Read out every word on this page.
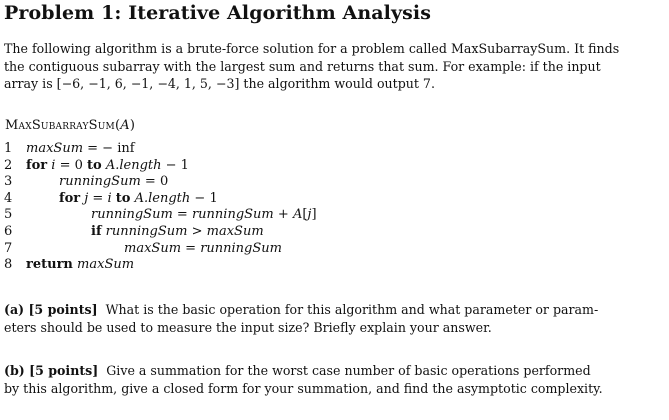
Problem 1: Iterative Algorithm Analysis
The following algorithm is a brute-force solution for a problem called MaxSubarraySum. It finds
the contiguous subarray with the largest sum and returns that sum. For example: if the input
array is [−6, −1, 6, −1, −4, 1, 5, −3] the algorithm would output 7.
MaxSubarraySum(A)
1	maxSum = − inf
2	for i = 0 to A.length − 1
3	runningSum = 0
4	for j = i to A.length − 1
5	runningSum = runningSum + A[j]
6	if runningSum > maxSum
7	maxSum = runningSum
8	return maxSum
(a) [5 points] What is the basic operation for this algorithm and what parameter or param-
eters should be used to measure the input size? Briefly explain your answer.
(b) [5 points] Give a summation for the worst case number of basic operations performed
by this algorithm, give a closed form for your summation, and find the asymptotic complexity.
